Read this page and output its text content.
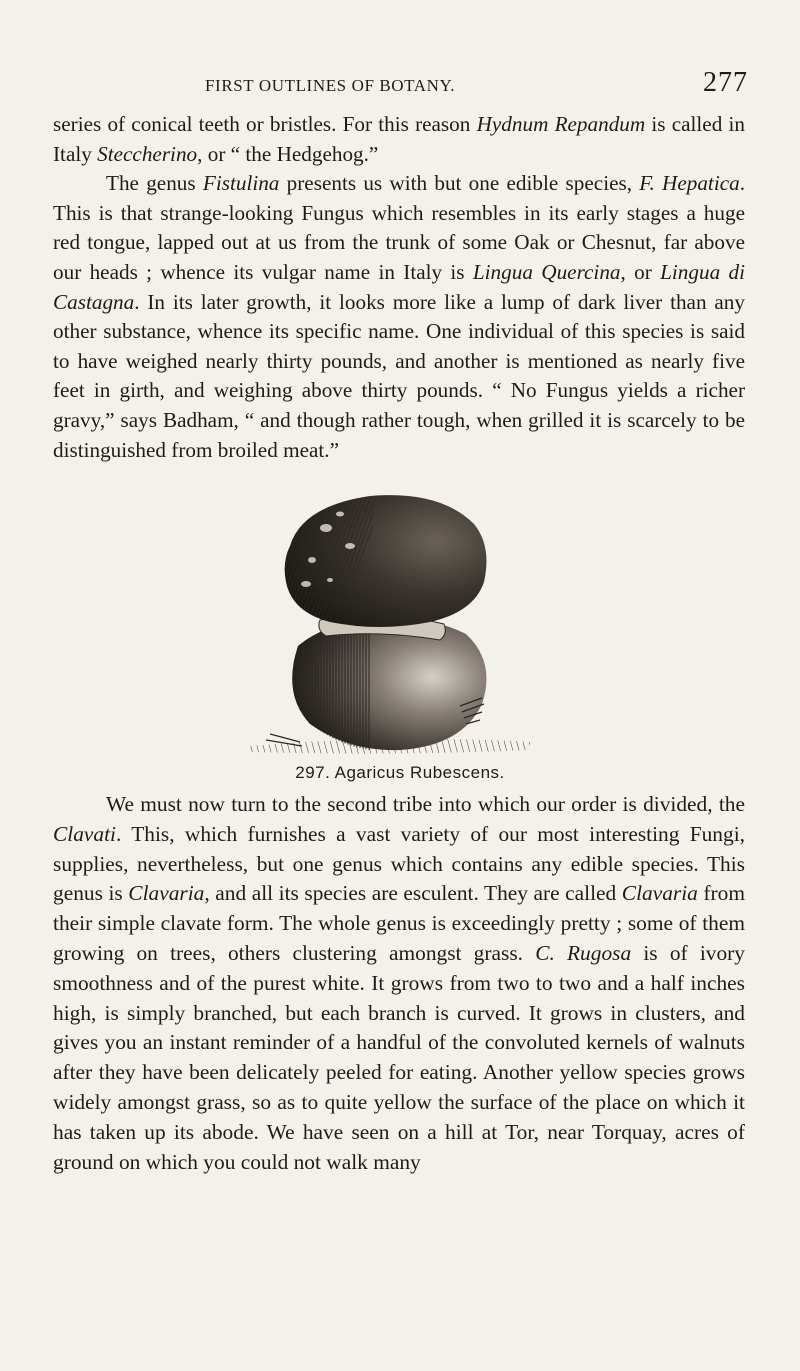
FIRST OUTLINES OF BOTANY.	277

series of conical teeth or bristles. For this reason Hydnum Repandum is called in Italy Steccherino, or “ the Hedgehog.”

The genus Fistulina presents us with but one edible species, F. Hepatica. This is that strange-looking Fungus which resembles in its early stages a huge red tongue, lapped out at us from the trunk of some Oak or Chesnut, far above our heads ; whence its vulgar name in Italy is Lingua Quercina, or Lingua di Castagna. In its later growth, it looks more like a lump of dark liver than any other substance, whence its specific name. One individual of this species is said to have weighed nearly thirty pounds, and another is mentioned as nearly five feet in girth, and weighing above thirty pounds. “ No Fungus yields a richer gravy,” says Badham, “ and though rather tough, when grilled it is scarcely to be distinguished from broiled meat.”

297. Agaricus Rubescens.

We must now turn to the second tribe into which our order is divided, the Clavati. This, which furnishes a vast variety of our most interesting Fungi, supplies, nevertheless, but one genus which contains any edible species. This genus is Clavaria, and all its species are esculent. They are called Clavaria from their simple clavate form. The whole genus is exceedingly pretty ; some of them growing on trees, others clustering amongst grass. C. Rugosa is of ivory smoothness and of the purest white. It grows from two to two and a half inches high, is simply branched, but each branch is curved. It grows in clusters, and gives you an instant reminder of a handful of the convoluted kernels of walnuts after they have been delicately peeled for eating. Another yellow species grows widely amongst grass, so as to quite yellow the surface of the place on which it has taken up its abode. We have seen on a hill at Tor, near Torquay, acres of ground on which you could not walk many
